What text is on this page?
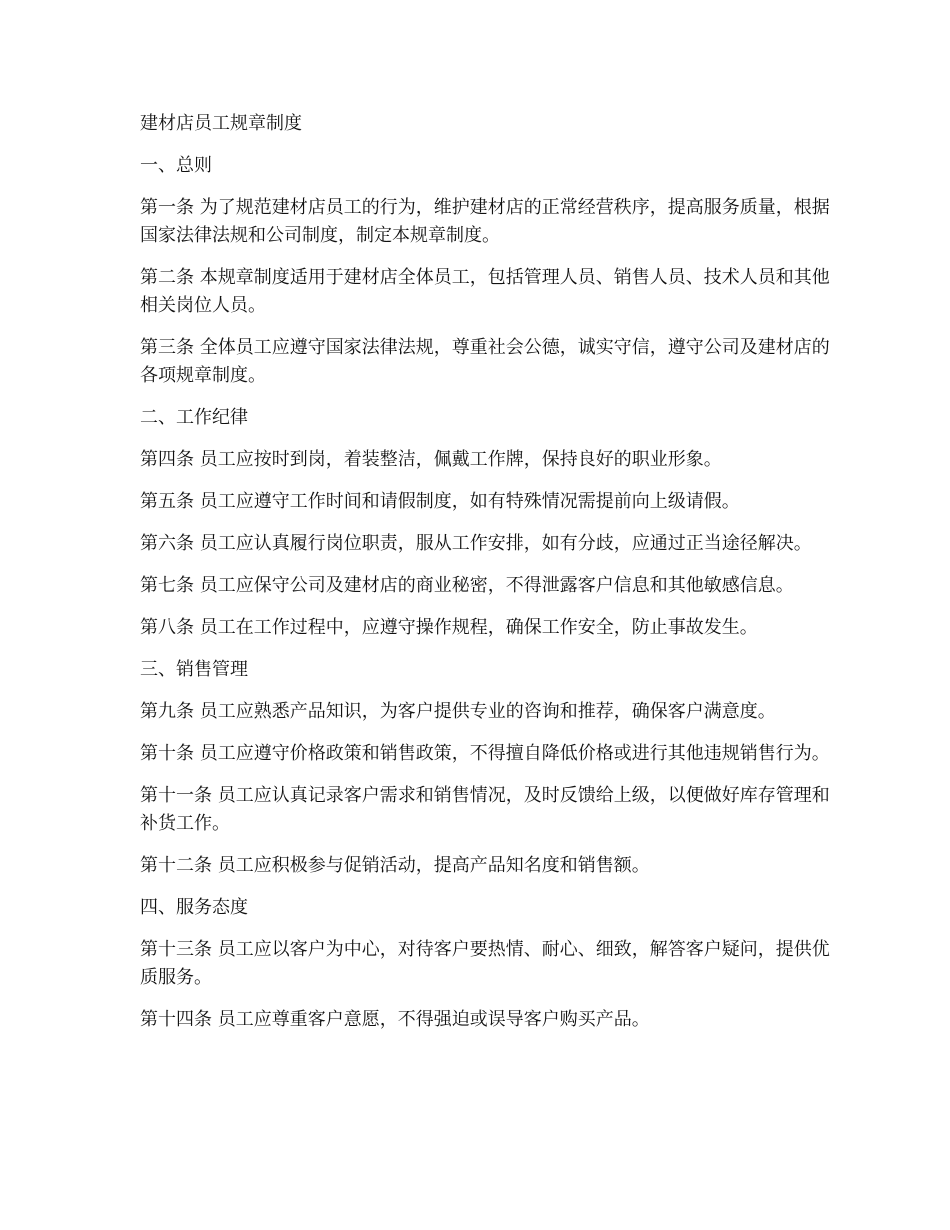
建材店员工规章制度

一、总则

第一条 为了规范建材店员工的行为，维护建材店的正常经营秩序，提高服务质量，根据国家法律法规和公司制度，制定本规章制度。

第二条 本规章制度适用于建材店全体员工，包括管理人员、销售人员、技术人员和其他相关岗位人员。

第三条 全体员工应遵守国家法律法规，尊重社会公德，诚实守信，遵守公司及建材店的各项规章制度。

二、工作纪律

第四条 员工应按时到岗，着装整洁，佩戴工作牌，保持良好的职业形象。

第五条 员工应遵守工作时间和请假制度，如有特殊情况需提前向上级请假。

第六条 员工应认真履行岗位职责，服从工作安排，如有分歧，应通过正当途径解决。

第七条 员工应保守公司及建材店的商业秘密，不得泄露客户信息和其他敏感信息。

第八条 员工在工作过程中，应遵守操作规程，确保工作安全，防止事故发生。

三、销售管理

第九条 员工应熟悉产品知识，为客户提供专业的咨询和推荐，确保客户满意度。

第十条 员工应遵守价格政策和销售政策，不得擅自降低价格或进行其他违规销售行为。

第十一条 员工应认真记录客户需求和销售情况，及时反馈给上级，以便做好库存管理和补货工作。

第十二条 员工应积极参与促销活动，提高产品知名度和销售额。

四、服务态度

第十三条 员工应以客户为中心，对待客户要热情、耐心、细致，解答客户疑问，提供优质服务。

第十四条 员工应尊重客户意愿，不得强迫或误导客户购买产品。
